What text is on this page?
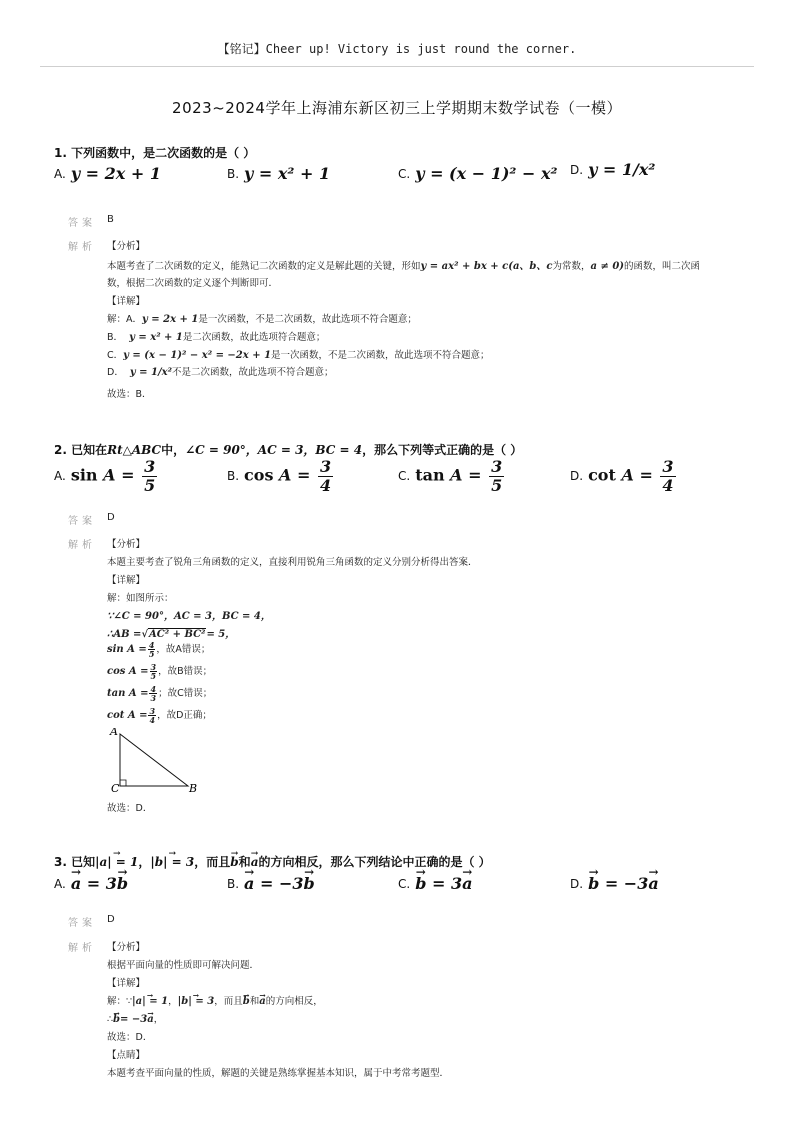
【铭记】Cheer up! Victory is just round the corner.
2023~2024学年上海浦东新区初三上学期期末数学试卷（一模）
1. 下列函数中，是二次函数的是（ ）
A. y = 2x + 1	B. y = x² + 1	C. y = (x − 1)² − x² D. y = 1/x²
答案 B
解析 【分析】
本题考查了二次函数的定义，能熟记二次函数的定义是解此题的关键，形如y = ax² + bx + c(a、b、c为常数，a ≠ 0)的函数，叫二次函
数，根据二次函数的定义逐个判断即可．
【详解】
解：A．y = 2x + 1是一次函数，不是二次函数，故此选项不符合题意；
B． y = x² + 1是二次函数，故此选项符合题意；
C．y = (x − 1)² − x² = −2x + 1是一次函数，不是二次函数，故此选项不符合题意；
D． y = 1/x²不是二次函数，故此选项不符合题意；
故选：B．
2. 已知在Rt△ABC中，∠C = 90°，AC = 3，BC = 4，那么下列等式正确的是（ ）
A. $\sin A = \frac{3}{5}$	B. $\cos A = \frac{3}{4}$	C. $\tan A = \frac{3}{5}$	D. $\cot A = \frac{3}{4}$
答案 D
解析 【分析】
本题主要考查了锐角三角函数的定义，直接利用锐角三角函数的定义分别分析得出答案．
【详解】
解：如图所示：
∵∠C = 90°，AC = 3，BC = 4，
∴AB =√AC² + BC²= 5，
$\sin A = \frac{4}{5}$ ，故A错误；
$\cos A = \frac{3}{5}$ ，故B错误；
$\tan A = \frac{4}{3}$ ；故C错误；
$\cot A = \frac{3}{4}$ ，故D正确；
A
C	B
故选：D．
3. 已知→ |a| = 1，→ |b| = 3，而且→ b和→ a的方向相反，那么下列结论中正确的是（ ）
A. → a = 3→ b	B. → a = −3→ b	C. → b = 3→ a	D. → b = −3→ a
答案 D
解析 【分析】
根据平面向量的性质即可解决问题．
【详解】
解：∵→ |a| = 1，→ |b| = 3，而且→ b和→ a的方向相反，
∴→ b= −3→ a，
故选：D．
【点睛】
本题考查平面向量的性质，解题的关键是熟练掌握基本知识，属于中考常考题型．
